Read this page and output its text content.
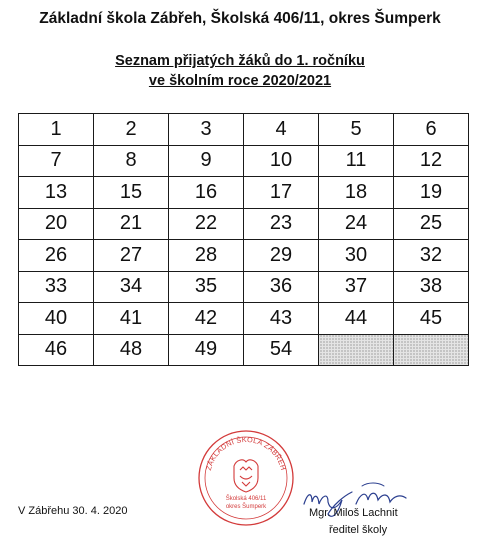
Základní škola Zábřeh, Školská 406/11, okres Šumperk
Seznam přijatých žáků do 1. ročníku
ve školním roce 2020/2021
1	2	3	4	5	6
7	8	9	10	11	12
13	15	16	17	18	19
20	21	22	23	24	25
26	27	28	29	30	32
33	34	35	36	37	38
40	41	42	43	44	45
46	48	49	54		
ZÁKLADNÍ ŠKOLA ZÁBŘEH
Školská 406/11
okres Šumperk
V Zábřehu 30. 4. 2020	Mgr. Miloš Lachnit
ředitel školy
